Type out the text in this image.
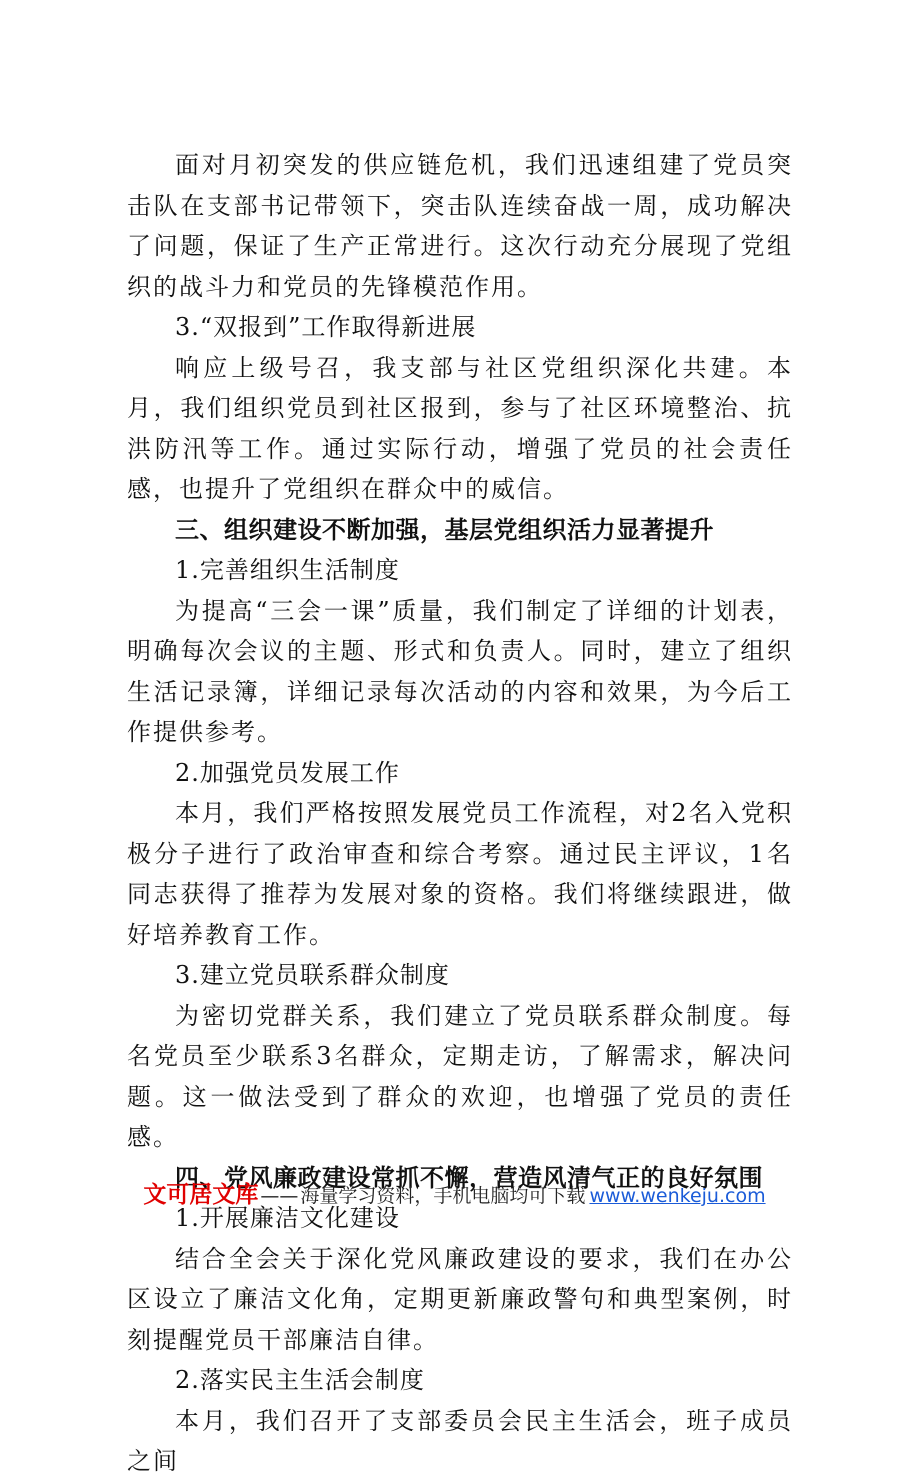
面对月初突发的供应链危机，我们迅速组建了党员突击队在支部书记带领下，突击队连续奋战一周，成功解决了问题，保证了生产正常进行。这次行动充分展现了党组织的战斗力和党员的先锋模范作用。

3.“双报到”工作取得新进展

响应上级号召，我支部与社区党组织深化共建。本月，我们组织党员到社区报到，参与了社区环境整治、抗洪防汛等工作。通过实际行动，增强了党员的社会责任感，也提升了党组织在群众中的威信。

三、组织建设不断加强，基层党组织活力显著提升

1.完善组织生活制度

为提高“三会一课”质量，我们制定了详细的计划表，明确每次会议的主题、形式和负责人。同时，建立了组织生活记录簿，详细记录每次活动的内容和效果，为今后工作提供参考。

2.加强党员发展工作

本月，我们严格按照发展党员工作流程，对2名入党积极分子进行了政治审查和综合考察。通过民主评议，1名同志获得了推荐为发展对象的资格。我们将继续跟进，做好培养教育工作。

3.建立党员联系群众制度

为密切党群关系，我们建立了党员联系群众制度。每名党员至少联系3名群众，定期走访，了解需求，解决问题。这一做法受到了群众的欢迎，也增强了党员的责任感。

四、党风廉政建设常抓不懈，营造风清气正的良好氛围

1.开展廉洁文化建设

结合全会关于深化党风廉政建设的要求，我们在办公区设立了廉洁文化角，定期更新廉政警句和典型案例，时刻提醒党员干部廉洁自律。

2.落实民主生活会制度

本月，我们召开了支部委员会民主生活会，班子成员之间

文可居文库 —— 海量学习资料，手机电脑均可下载 www.wenkeju.com
